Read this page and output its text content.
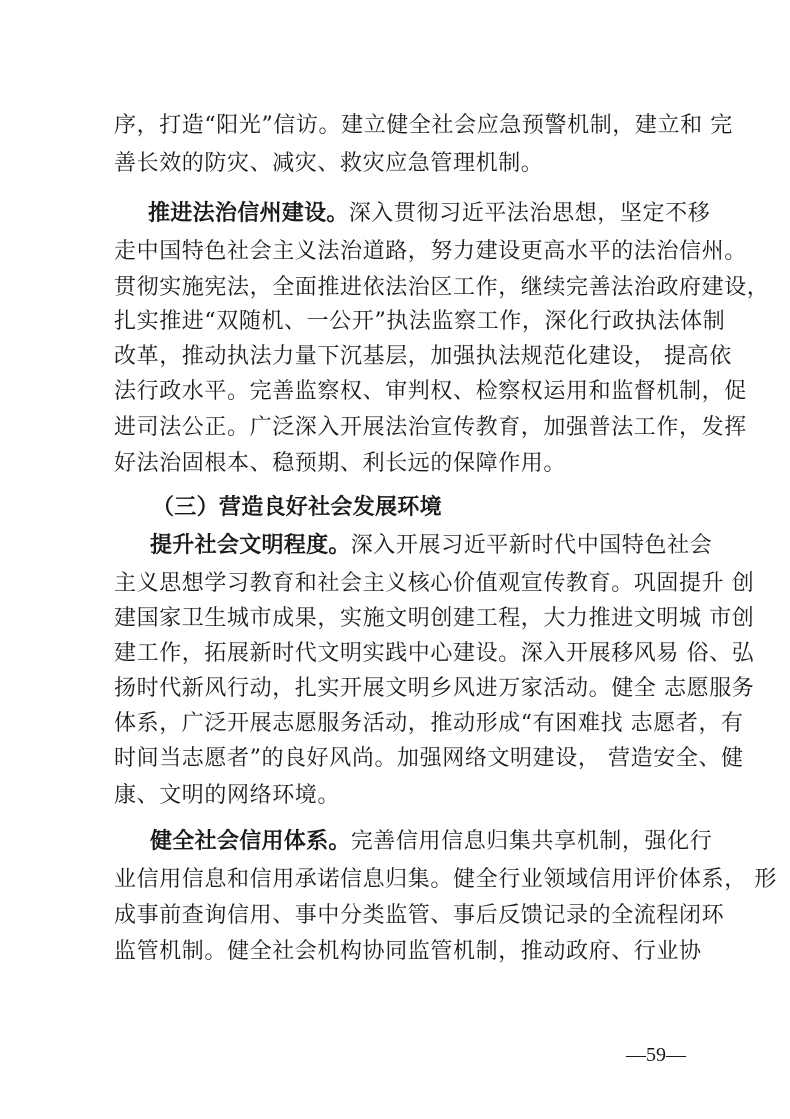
序，打造“阳光”信访。建立健全社会应急预警机制，建立和 完
善长效的防灾、减灾、救灾应急管理机制。
推进法治信州建设。深入贯彻习近平法治思想，坚定不移
走中国特色社会主义法治道路，努力建设更高水平的法治信州。
贯彻实施宪法，全面推进依法治区工作，继续完善法治政府建设，
扎实推进“双随机、一公开”执法监察工作，深化行政执法体制
改革，推动执法力量下沉基层，加强执法规范化建设， 提高依
法行政水平。完善监察权、审判权、检察权运用和监督机制，促
进司法公正。广泛深入开展法治宣传教育，加强普法工作，发挥
好法治固根本、稳预期、利长远的保障作用。
（三）营造良好社会发展环境
提升社会文明程度。深入开展习近平新时代中国特色社会
主义思想学习教育和社会主义核心价值观宣传教育。巩固提升 创
建国家卫生城市成果，实施文明创建工程，大力推进文明城 市创
建工作，拓展新时代文明实践中心建设。深入开展移风易 俗、弘
扬时代新风行动，扎实开展文明乡风进万家活动。健全 志愿服务
体系，广泛开展志愿服务活动，推动形成“有困难找 志愿者，有
时间当志愿者”的良好风尚。加强网络文明建设， 营造安全、健
康、文明的网络环境。
健全社会信用体系。完善信用信息归集共享机制，强化行
业信用信息和信用承诺信息归集。健全行业领域信用评价体系， 形
成事前查询信用、事中分类监管、事后反馈记录的全流程闭环
监管机制。健全社会机构协同监管机制，推动政府、行业协
—59—
